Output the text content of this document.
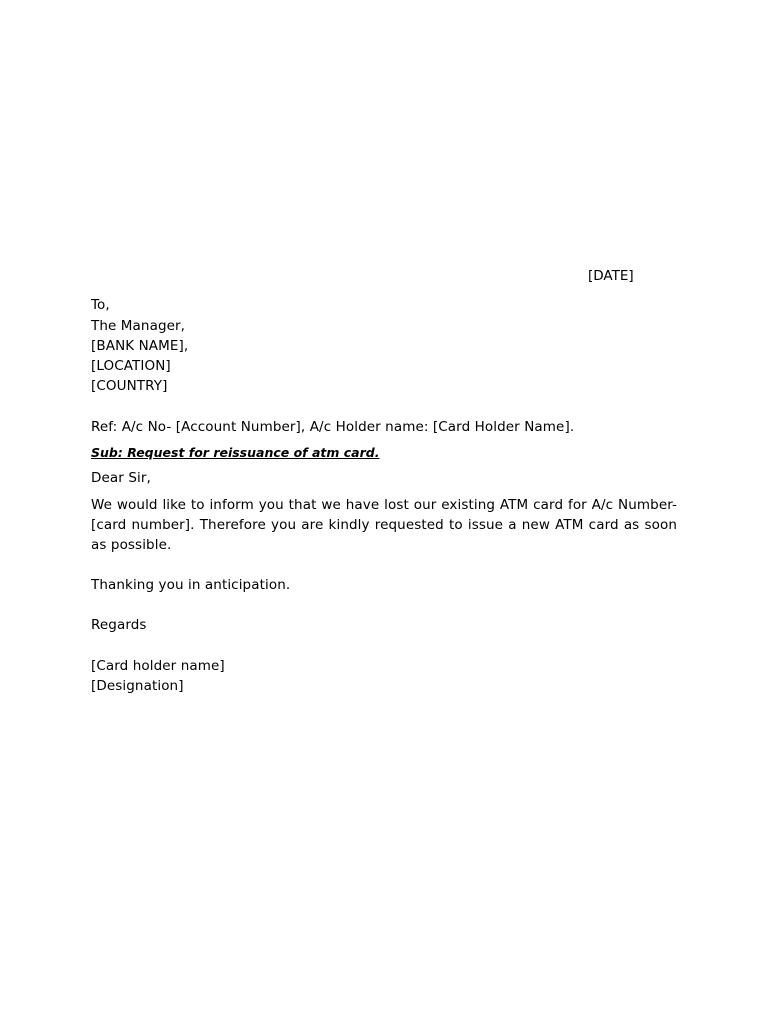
[DATE]
To,
The Manager,
[BANK NAME],
[LOCATION]
[COUNTRY]
Ref: A/c No- [Account Number], A/c Holder name: [Card Holder Name].
Sub: Request for reissuance of atm card.
Dear Sir,
We would like to inform you that we have lost our existing ATM card for A/c Number- [card number]. Therefore you are kindly requested to issue a new ATM card as soon as possible.
Thanking you in anticipation.
Regards
[Card holder name]
[Designation]
